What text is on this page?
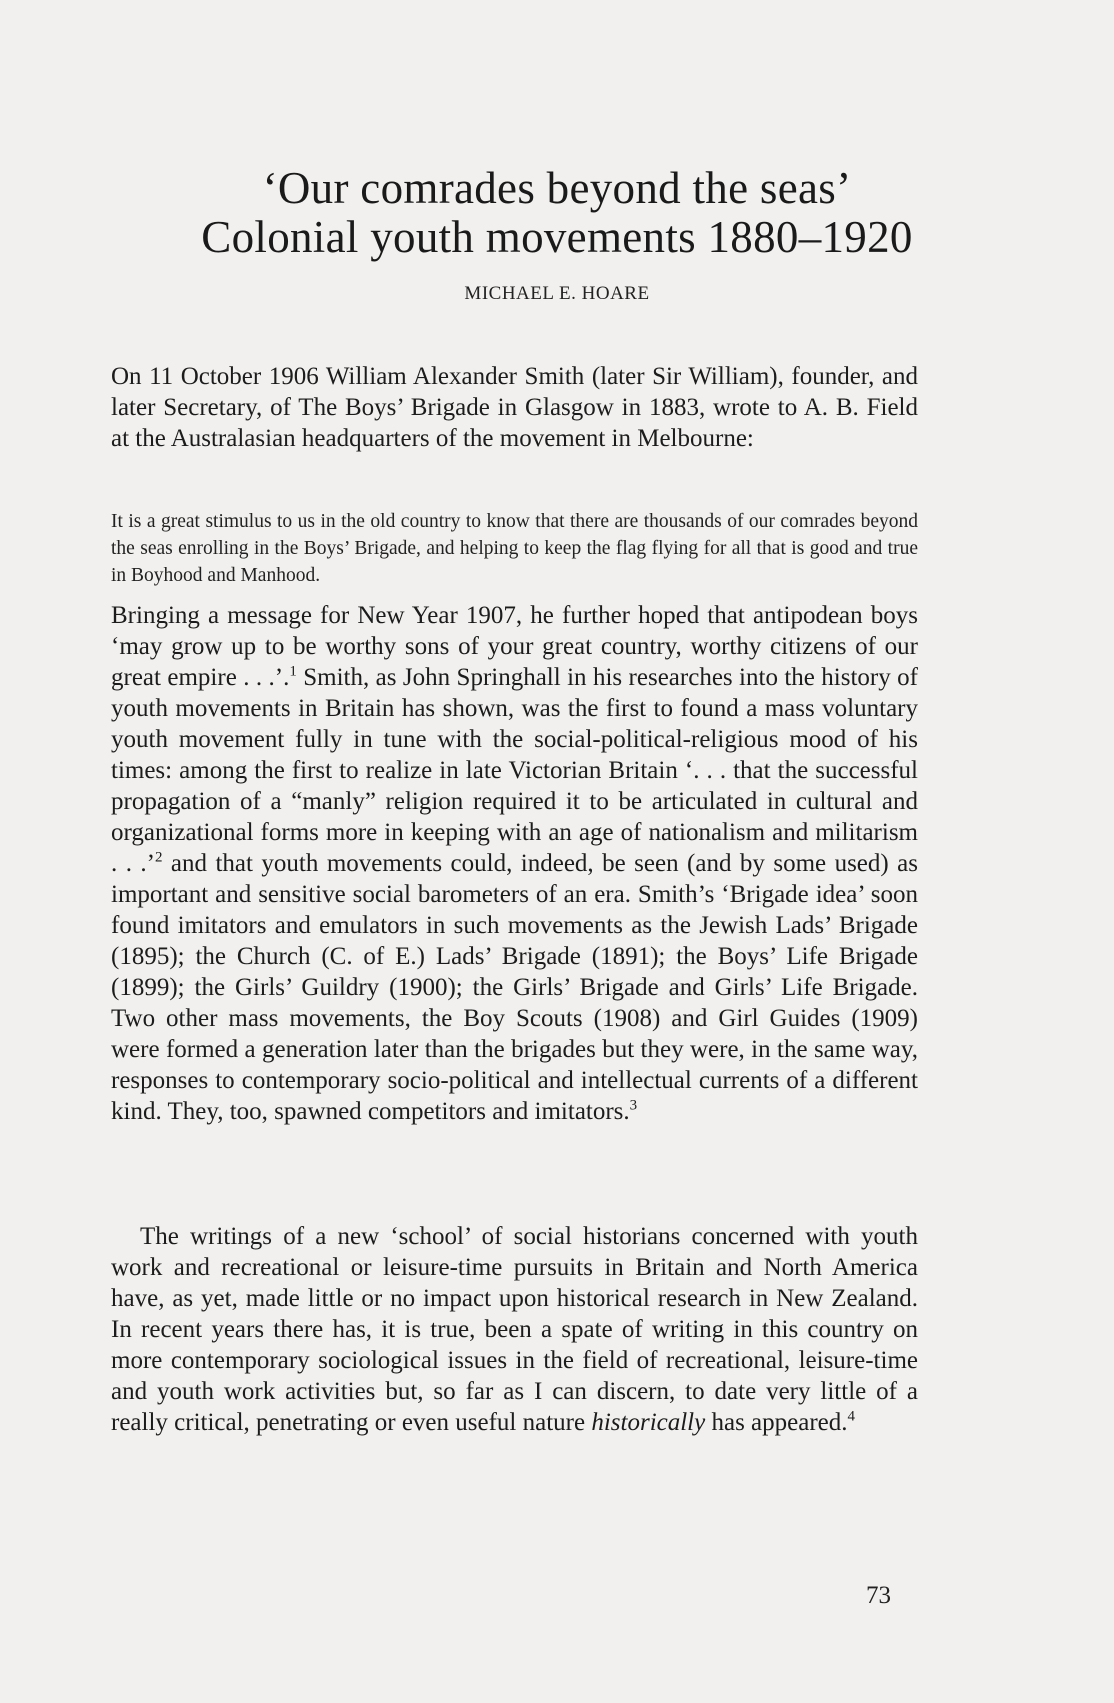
‘Our comrades beyond the seas’
Colonial youth movements 1880–1920
MICHAEL E. HOARE

On 11 October 1906 William Alexander Smith (later Sir William), founder, and later Secretary, of The Boys’ Brigade in Glasgow in 1883, wrote to A. B. Field at the Australasian headquarters of the movement in Melbourne:

It is a great stimulus to us in the old country to know that there are thousands of our comrades beyond the seas enrolling in the Boys’ Brigade, and helping to keep the flag flying for all that is good and true in Boyhood and Manhood.

Bringing a message for New Year 1907, he further hoped that antipodean boys ‘may grow up to be worthy sons of your great country, worthy citizens of our great empire . . .’.$^1$ Smith, as John Springhall in his researches into the history of youth movements in Britain has shown, was the first to found a mass voluntary youth movement fully in tune with the social-political-religious mood of his times: among the first to realize in late Victorian Britain ‘. . . that the successful propagation of a “manly” religion required it to be articulated in cultural and organizational forms more in keeping with an age of nationalism and militarism . . .’$^2$ and that youth movements could, indeed, be seen (and by some used) as important and sensitive social barometers of an era. Smith’s ‘Brigade idea’ soon found imitators and emulators in such movements as the Jewish Lads’ Brigade (1895); the Church (C. of E.) Lads’ Brigade (1891); the Boys’ Life Brigade (1899); the Girls’ Guildry (1900); the Girls’ Brigade and Girls’ Life Brigade. Two other mass movements, the Boy Scouts (1908) and Girl Guides (1909) were formed a generation later than the brigades but they were, in the same way, responses to contemporary socio-political and intellectual currents of a different kind. They, too, spawned competitors and imitators.$^3$

The writings of a new ‘school’ of social historians concerned with youth work and recreational or leisure-time pursuits in Britain and North America have, as yet, made little or no impact upon historical research in New Zealand. In recent years there has, it is true, been a spate of writing in this country on more contemporary sociological issues in the field of recreational, leisure-time and youth work activities but, so far as I can discern, to date very little of a really critical, penetrating or even useful nature historically has appeared.$^4$

73
